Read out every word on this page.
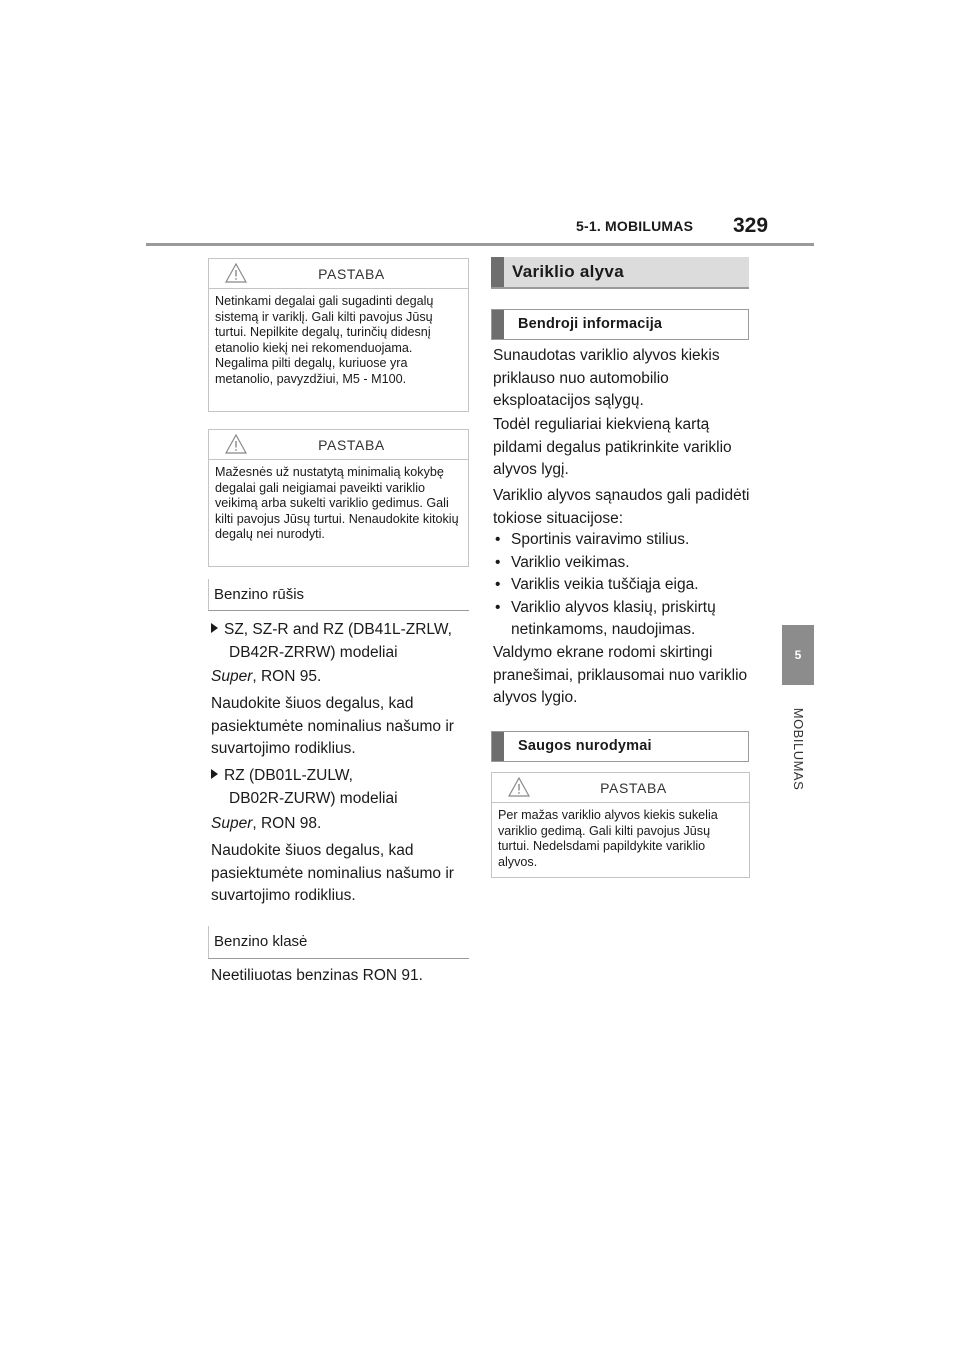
5-1. MOBILUMAS 329
5
MOBILUMAS
PASTABA
Netinkami degalai gali sugadinti degalų sistemą ir variklį. Gali kilti pavojus Jūsų turtui. Nepilkite degalų, turinčių didesnį etanolio kiekį nei rekomenduojama. Negalima pilti degalų, kuriuose yra metanolio, pavyzdžiui, M5 - M100.
PASTABA
Mažesnės už nustatytą minimalią kokybę degalai gali neigiamai paveikti variklio veikimą arba sukelti variklio gedimus. Gali kilti pavojus Jūsų turtui. Nenaudokite kitokių degalų nei nurodyti.
Benzino rūšis
SZ, SZ-R and RZ (DB41L-ZRLW,
DB42R-ZRRW) modeliai
Super, RON 95.
Naudokite šiuos degalus, kad pasiektumėte nominalius našumo ir suvartojimo rodiklius.
RZ (DB01L-ZULW,
DB02R-ZURW) modeliai
Super, RON 98.
Naudokite šiuos degalus, kad pasiektumėte nominalius našumo ir suvartojimo rodiklius.
Benzino klasė
Neetiliuotas benzinas RON 91.
Variklio alyva
Bendroji informacija
Sunaudotas variklio alyvos kiekis priklauso nuo automobilio eksploatacijos sąlygų.
Todėl reguliariai kiekvieną kartą pildami degalus patikrinkite variklio alyvos lygį.
Variklio alyvos sąnaudos gali padidėti tokiose situacijose:
• Sportinis vairavimo stilius.
• Variklio veikimas.
• Variklis veikia tuščiąja eiga.
• Variklio alyvos klasių, priskirtų netinkamoms, naudojimas.
Valdymo ekrane rodomi skirtingi pranešimai, priklausomai nuo variklio alyvos lygio.
Saugos nurodymai
PASTABA
Per mažas variklio alyvos kiekis sukelia variklio gedimą. Gali kilti pavojus Jūsų turtui. Nedelsdami papildykite variklio alyvos.
